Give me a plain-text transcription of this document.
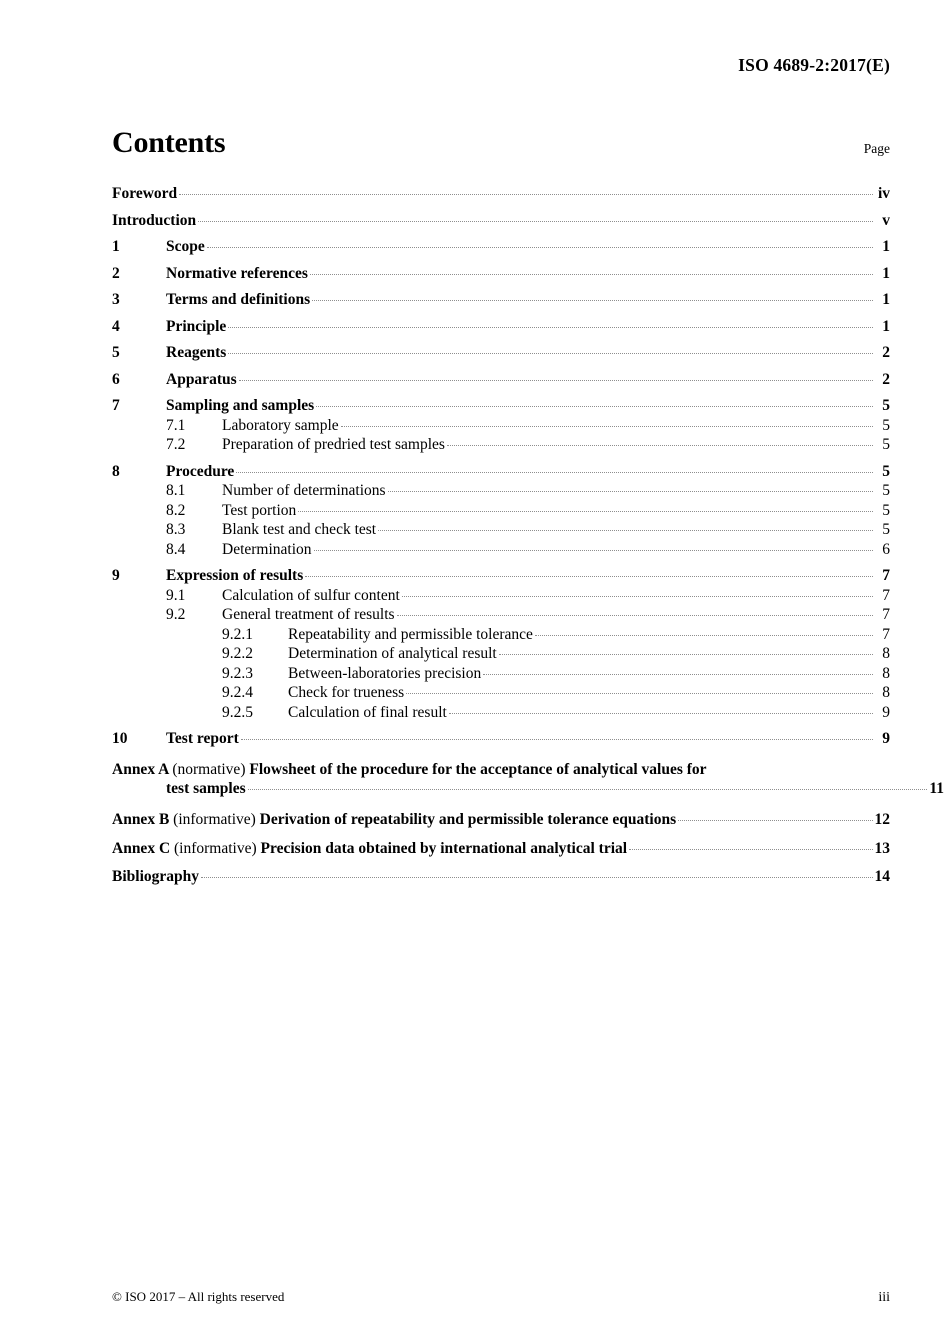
ISO 4689-2:2017(E)
Contents	Page
Foreword	iv
Introduction	v
1	Scope	1
2	Normative references	1
3	Terms and definitions	1
4	Principle	1
5	Reagents	2
6	Apparatus	2
7	Sampling and samples	5
7.1	Laboratory sample	5
7.2	Preparation of predried test samples	5
8	Procedure	5
8.1	Number of determinations	5
8.2	Test portion	5
8.3	Blank test and check test	5
8.4	Determination	6
9	Expression of results	7
9.1	Calculation of sulfur content	7
9.2	General treatment of results	7
9.2.1	Repeatability and permissible tolerance	7
9.2.2	Determination of analytical result	8
9.2.3	Between-laboratories precision	8
9.2.4	Check for trueness	8
9.2.5	Calculation of final result	9
10	Test report	9
Annex A (normative) Flowsheet of the procedure for the acceptance of analytical values for
test samples	11
Annex B (informative) Derivation of repeatability and permissible tolerance equations	12
Annex C (informative) Precision data obtained by international analytical trial	13
Bibliography	14
© ISO 2017 – All rights reserved	iii
